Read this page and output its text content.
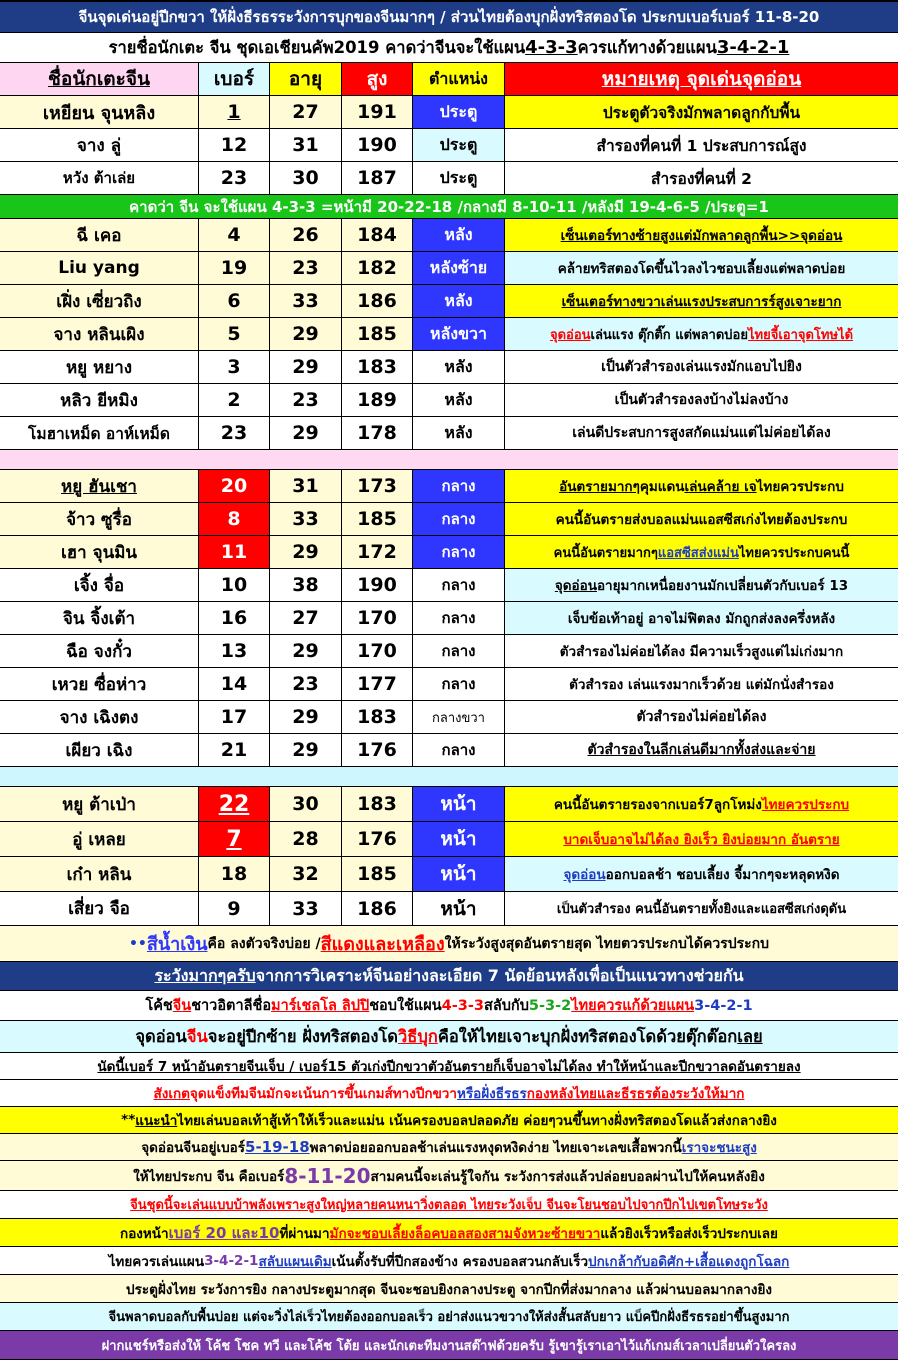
จีนจุดเด่นอยู่ปีกขวา ให้ฝั่งธีรธรระวังการบุกของจีนมากๆ / ส่วนไทยต้องบุกฝั่งทริสตองโด ประกบเบอร์เบอร์ 11-8-20
รายชื่อนักเตะ จีน ชุดเอเชียนคัพ2019 คาดว่าจีนจะใช้แผน 4-3-3 ควรแก้ทางด้วยแผน 3-4-2-1
ชื่อนักเตะจีน	เบอร์	อายุ	สูง	ตำแหน่ง	หมายเหตุ จุดเด่นจุดอ่อน
เหยียน จุนหลิง	1	27	191	ประตู	ประตูตัวจริงมักพลาดลูกกับพื้น
จาง ลู่	12	31	190	ประตู	สำรองที่คนที่ 1 ประสบการณ์สูง
หวัง ต้าเล่ย	23	30	187	ประตู	สำรองที่คนที่ 2
คาดว่า จีน จะใช้แผน 4-3-3 =หน้ามี 20-22-18 /กลางมี 8-10-11 /หลังมี 19-4-6-5 /ประตู=1
ฉี เคอ	4	26	184	หลัง	เซ็นเตอร์ทางซ้ายสูงแต่มักพลาดลูกพื้น>>จุดอ่อน
Liu yang	19	23	182	หลังซ้าย	คล้ายทริสตองโดขึ้นไวลงไวชอบเลี้ยงแต่พลาดบ่อย
เฝิ่ง เซี่ยวถิง	6	33	186	หลัง	เซ็นเตอร์ทางขวาเล่นแรงประสบการร์สูงเจาะยาก
จาง หลินเผิง	5	29	185	หลังขวา	จุดอ่อน เล่นแรง ตุ๊กติ๊ก แต่พลาดบ่อย ไทยจี้เอาจุดโทษได้
หยู หยาง	3	29	183	หลัง	เป็นตัวสำรองเล่นแรงมักแอบไปยิง
หลิว ยีหมิง	2	23	189	หลัง	เป็นตัวสำรองลงบ้างไม่ลงบ้าง
โมฮาเหม็ด อาห์เหม็ด	23	29	178	หลัง	เล่นดีประสบการสูงสกัดแม่นแต่ไม่ค่อยได้ลง
หยู ฮันเชา	20	31	173	กลาง	อันตรายมากๆ คุมแดน เล่นคล้าย เจ ไทยควรประกบ
จ้าว ซูรื่อ	8	33	185	กลาง	คนนี้อันตรายส่งบอลแม่นแอสซีสเก่งไทยต้องประกบ
เฮา จุนมิน	11	29	172	กลาง	คนนี้อันตรายมากๆ แอสซีสส่งแม่น ไทยควรประกบคนนี้
เจิ้ง จื่อ	10	38	190	กลาง	จุดอ่อน อายุมากเหนื่อยงานมักเปลี่ยนตัวกับเบอร์ 13
จิน จิ้งเต้า	16	27	170	กลาง	เจ็บข้อเท้าอยู่ อาจไม่ฟิตลง มักถูกส่งลงครึ่งหลัง
ฉือ จงกั๋ว	13	29	170	กลาง	ตัวสำรองไม่ค่อยได้ลง มีความเร็วสูงแต่ไม่เก่งมาก
เหวย ซื่อห่าว	14	23	177	กลาง	ตัวสำรอง เล่นแรงมากเร็วด้วย แต่มักนั่งสำรอง
จาง เฉิงตง	17	29	183	กลางขวา	ตัวสำรองไม่ค่อยได้ลง
เผียว เฉิง	21	29	176	กลาง	ตัวสำรองในลีกเล่นดีมากทั้งส่งและจ่าย
หยู ต้าเป่า	22	30	183	หน้า	คนนี้อันตรายรองจากเบอร์7ลูกโหม่ง ไทยควรประกบ
อู่ เหลย	7	28	176	หน้า	บาดเจ็บอาจไม่ได้ลง ยิงเร็ว ยิงบ่อยมาก อันตราย
เก๋า หลิน	18	32	185	หน้า	จุดอ่อน ออกบอลช้า ชอบเลี้ยง จี้มากๆจะหลุดหงิด
เสี่ยว จือ	9	33	186	หน้า	เป็นตัวสำรอง คนนี้อันตรายทั้งยิงและแอสซีสเก่งดุดัน
•• สีน้ำเงิน คือ ลงตัวจริงบ่อย / สีแดงและเหลือง ให้ระวังสูงสุดอันตรายสุด ไทยตวรประกบได้ควรประกบ
ระวังมากๆครับ จากการวิเคราะห์จีนอย่างละเอียด 7 นัดย้อนหลังเพื่อเป็นแนวทางช่วยกัน
โค้ช จีน ชาวอิตาลีชื่อ มาร์เชลโล ลิปปิ ชอบใช้แผน 4-3-3 สลับกับ 5-3-2 ไทยควรแก้ด้วยแผน 3-4-2-1
จุดอ่อน จีน จะอยู่ปีกซ้าย ฝั่งทริสตองโด วิธีบุก คือให้ไทยเจาะบุกฝั่งทริสตองโดด้วยตุ๊กต๊อก เลย
นัดนี้เบอร์ 7 หน้าอันตรายจีนเจ็บ / เบอร์15 ตัวเก่งปีกขวาตัวอันตรายก็เจ็บอาจไม่ได้ลง ทำให้หน้าและปีกขวาลดอันตรายลง
สังเกต จุดแข็งทีมจีนมักจะเน้นการขึ้นเกมส์ทางปีกขวา หรือฝั่งธีรธร กองหลังไทยและธีรธรต้องระวังให้มาก
** แนะนำ ไทยเล่นบอลเท้าสู้เท้าให้เร็วและแม่น เน้นครองบอลปลอดภัย ค่อยๆวนขึ้นทางฝั่งทริสตองโดแล้วส่งกลางยิง
จุดอ่อนจีนอยู่เบอร์ 5-19-18 พลาดบ่อยออกบอลช้าเล่นแรงหงุดหงิดง่าย ไทยเจาะเลขเสื้อพวกนี้ เราจะชนะสูง
ให้ไทยประกบ จีน คือเบอร์ 8-11-20 สามคนนี้จะเล่นรู้ใจกัน ระวังการส่งแล้วปล่อยบอลผ่านไปให้คนหลังยิง
จีนชุดนี้จะเล่นแบบบ้าพลังเพราะสูงใหญ่หลายคนหนาวิ่งตลอด ไทยระวังเจ็บ จีนจะโยนชอบไปจากปีกไปเขตโทษระวัง
กองหน้า เบอร์ 20 และ10 ที่ผ่านมา มักจะชอบเลี้ยงล็อคบอลสองสามจังหวะซ้ายขวา แล้วยิงเร็วหรือส่งเร็วประกบเลย
ไทยควรเล่นแผน 3-4-2-1 สลับแผนเดิม เน้นตั้งรับที่ปีกสองข้าง ครองบอลสวนกลับเร็ว ปกเกล้ากับอดิศัก+เสื้อแดงถูกโฉลก
ประตูฝั่งไทย ระวังการยิง กลางประตูมากสุด จีนจะชอบยิงกลางประตู จากปีกที่ส่งมากลาง แล้วผ่านบอลมากลางยิง
จีนพลาดบอลกับพื้นบ่อย แต่จะวิ่งไล่เร็วไทยต้องออกบอลเร็ว อย่าส่งแนวขวางให้ส่งสั้นสลับยาว แบ็คปีกฝั่งธีรธรอย่าขึ้นสูงมาก
ฝากแชร์หรือส่งให้ โค้ช โชค ทวี และโค้ช โต้ย และนักเตะทีมงานสต๊าฟด้วยครับ รู้เขารู้เราเอาไว้แก้เกมส์เวลาเปลี่ยนตัวใครลง
